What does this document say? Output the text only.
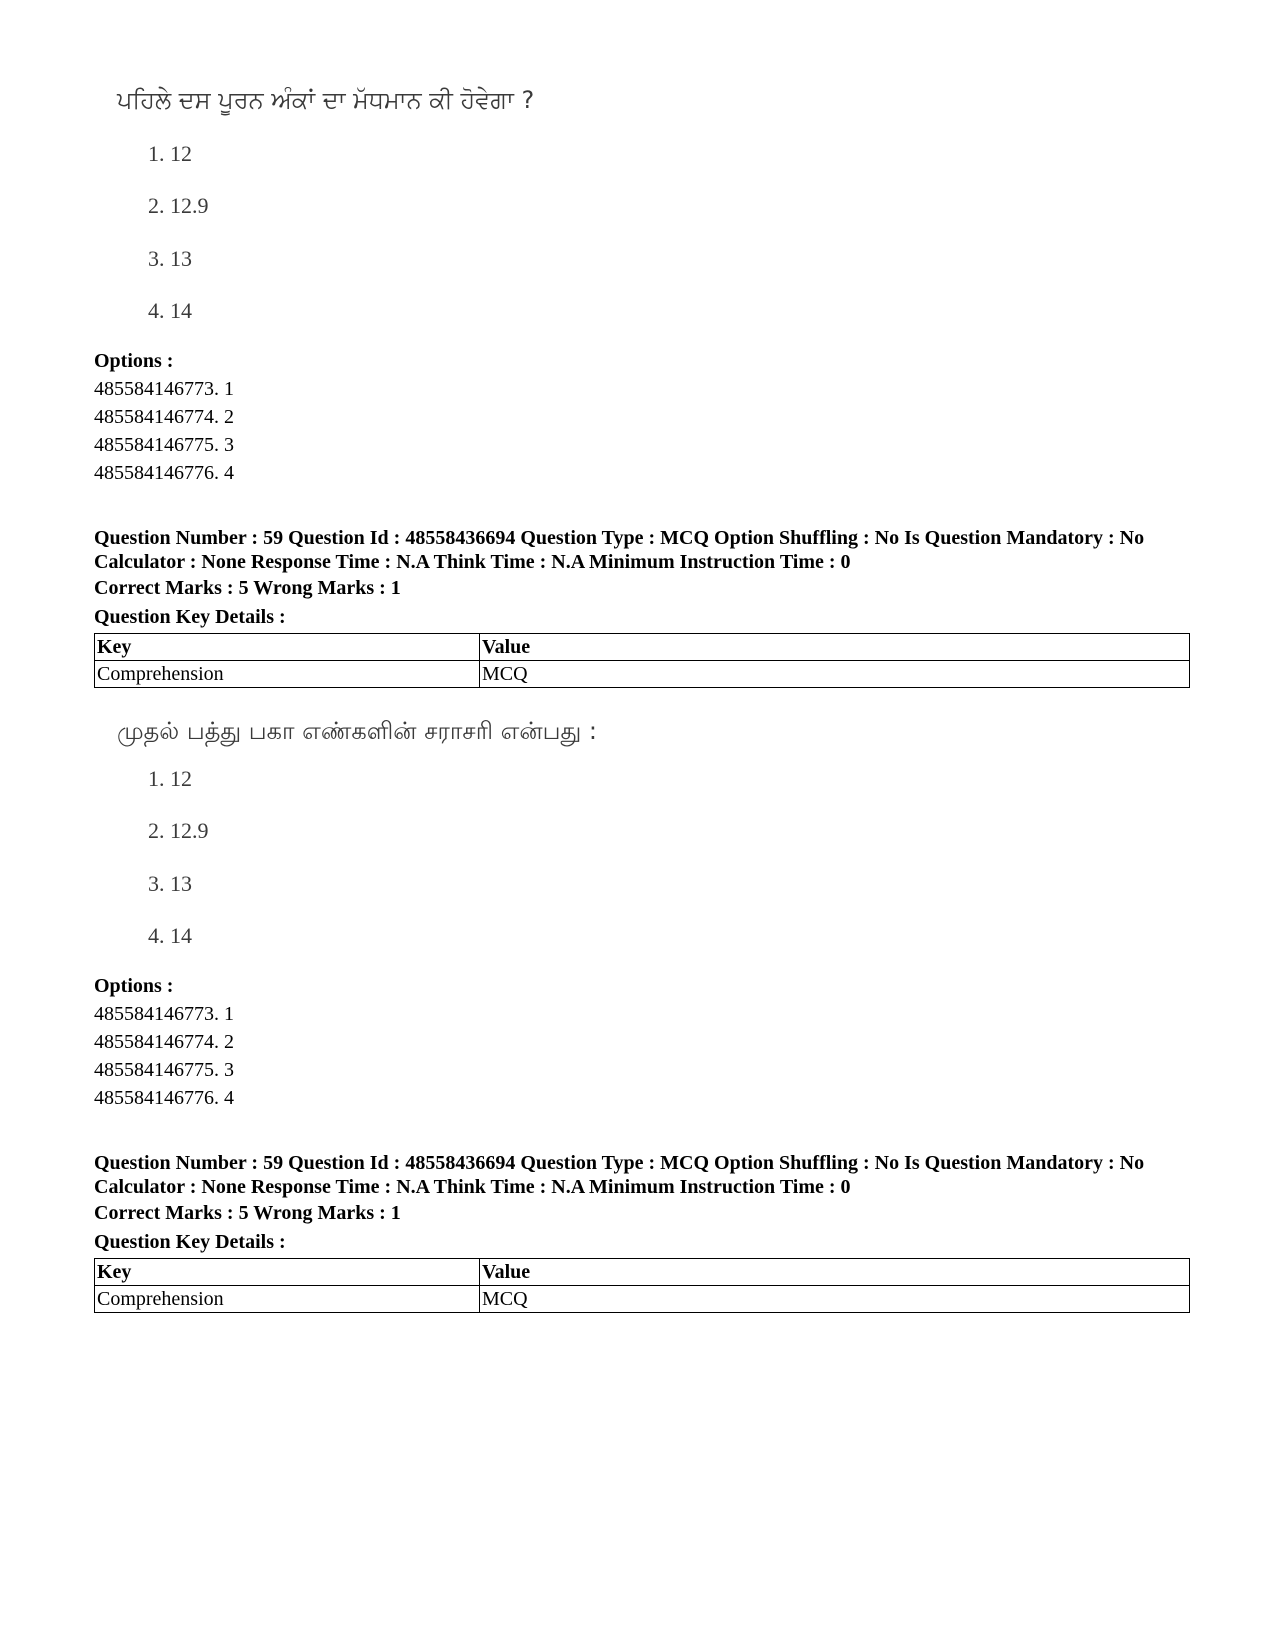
ਪਹਿਲੇ ਦਸ ਪੂਰਨ ਅੰਕਾਂ ਦਾ ਮੱਧਮਾਨ ਕੀ ਹੋਵੇਗਾ ?
1. 12
2. 12.9
3. 13
4. 14
Options :
485584146773. 1
485584146774. 2
485584146775. 3
485584146776. 4
Question Number : 59 Question Id : 48558436694 Question Type : MCQ Option Shuffling : No Is Question Mandatory : No Calculator : None Response Time : N.A Think Time : N.A Minimum Instruction Time : 0
Correct Marks : 5 Wrong Marks : 1
Question Key Details :
Key	Value
Comprehension	MCQ
முதல் பத்து பகா எண்களின் சராசரி என்பது :
1. 12
2. 12.9
3. 13
4. 14
Options :
485584146773. 1
485584146774. 2
485584146775. 3
485584146776. 4
Question Number : 59 Question Id : 48558436694 Question Type : MCQ Option Shuffling : No Is Question Mandatory : No Calculator : None Response Time : N.A Think Time : N.A Minimum Instruction Time : 0
Correct Marks : 5 Wrong Marks : 1
Question Key Details :
Key	Value
Comprehension	MCQ
